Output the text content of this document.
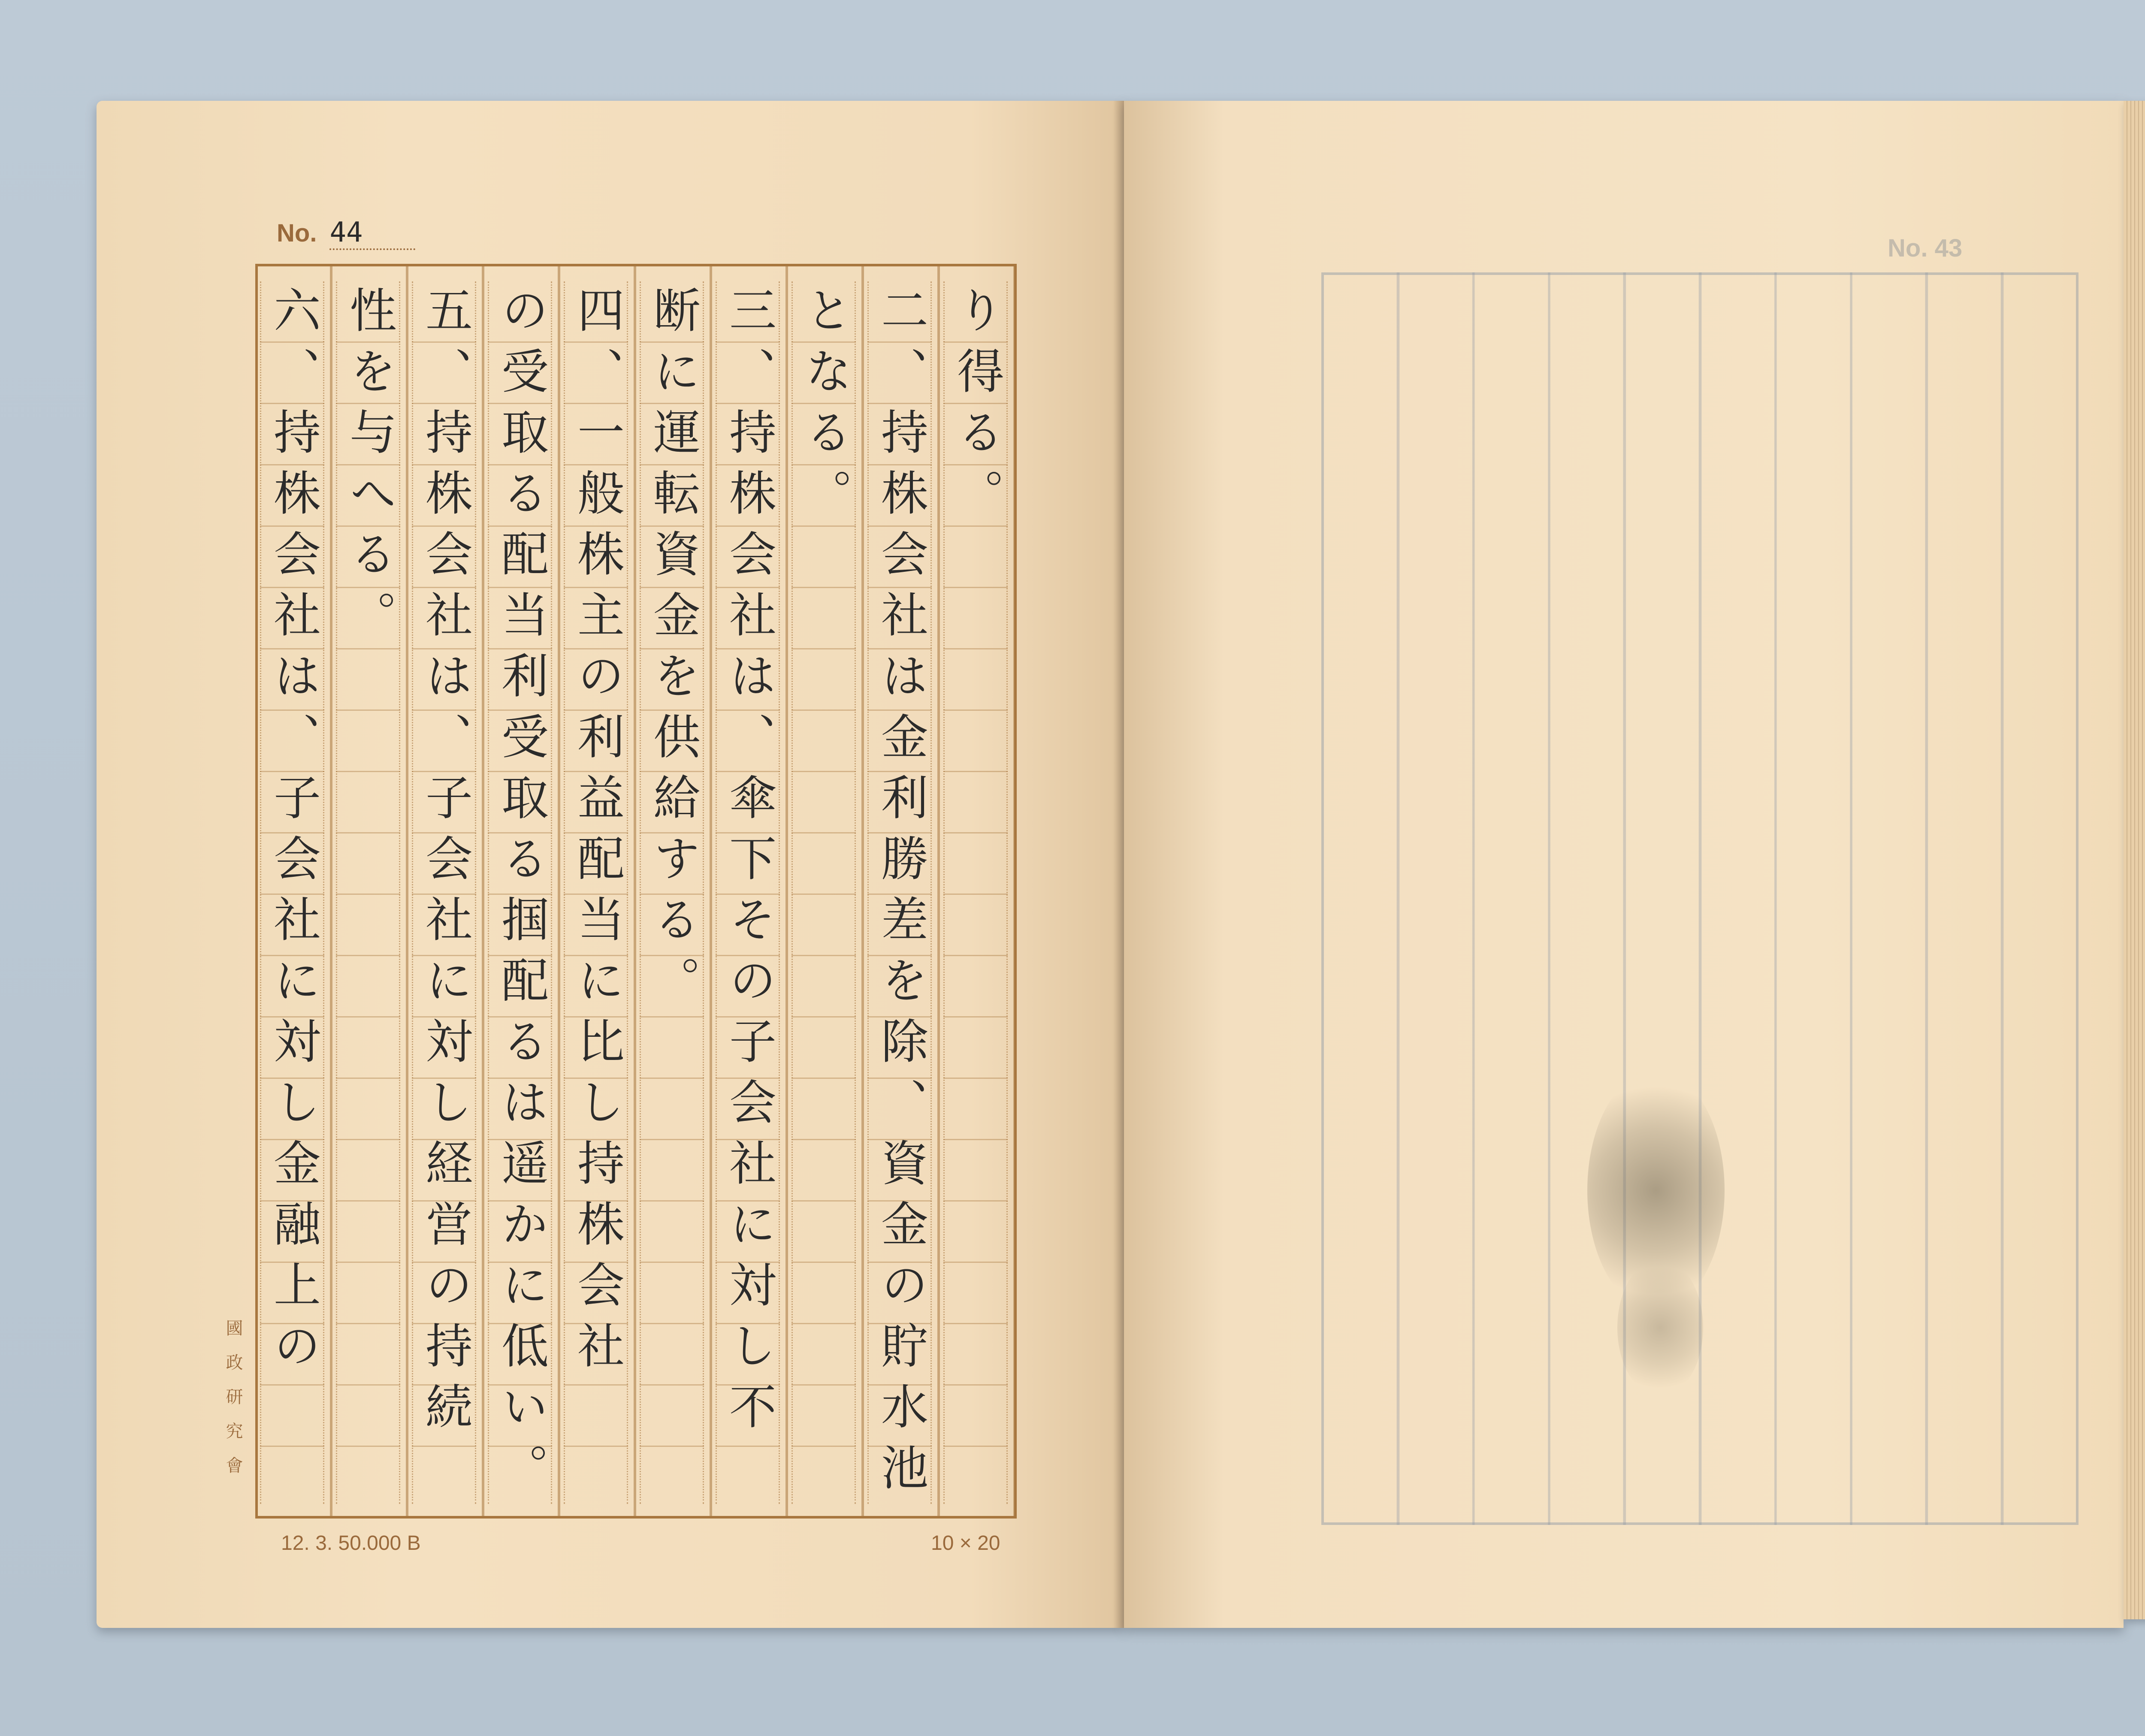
No. 44
り得る。
二、持株会社は金利勝差を除、資金の貯水池
となる。
三、持株会社は、傘下その子会社に対し不
断に運転資金を供給する。
四、一般株主の利益配当に比し持株会社
の受取る配当利受取る掴配るは遥かに低い。
五、持株会社は、子会社に対し経営の持続
性を与へる。
六、持株会社は、子会社に対し金融上の
國政研究會
12. 3. 50.000 B	10 × 20
No. 43
